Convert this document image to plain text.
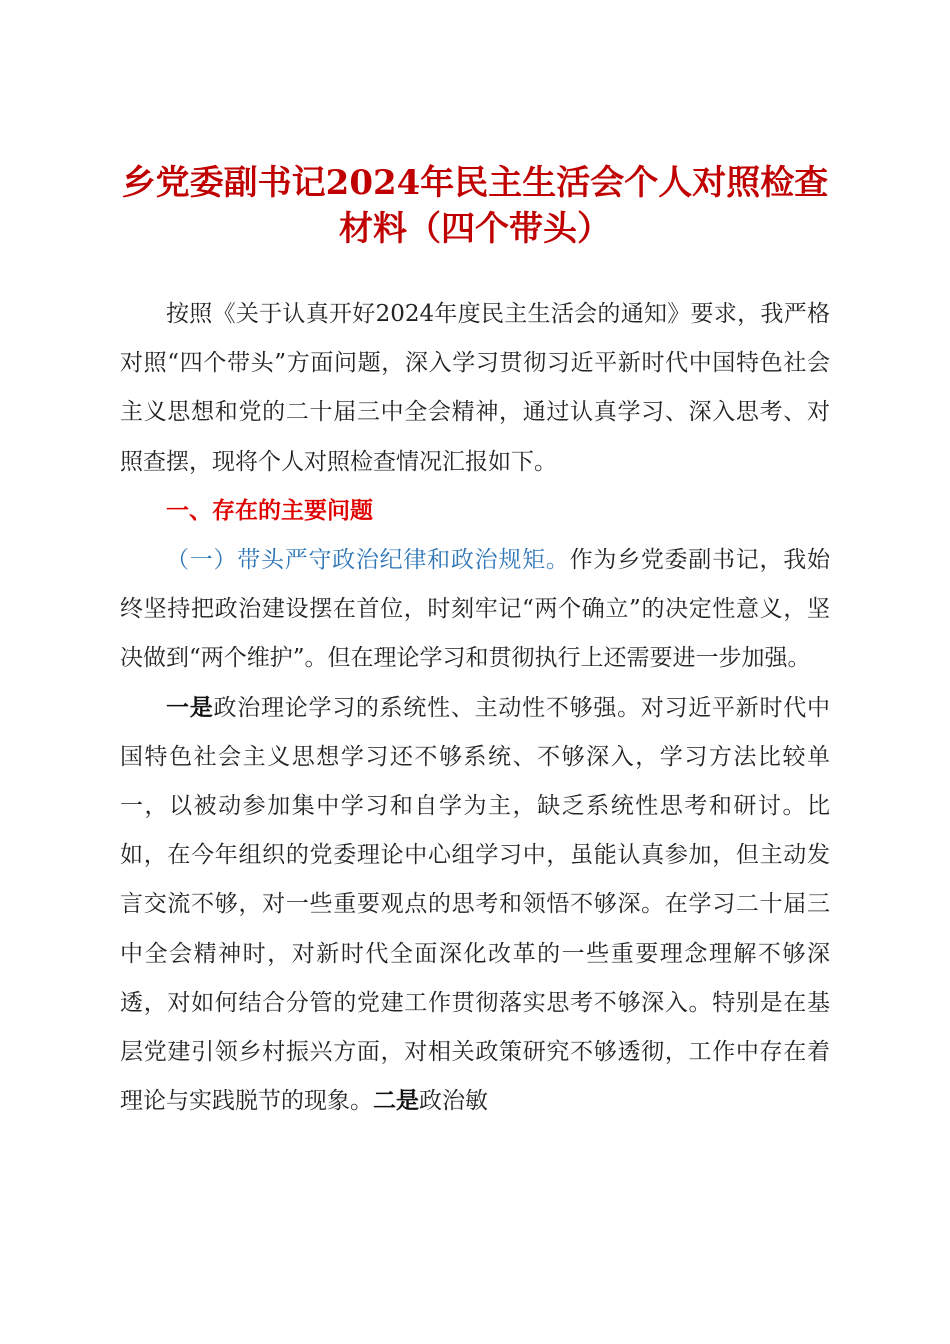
乡党委副书记2024年民主生活会个人对照检查
材料（四个带头）

按照《关于认真开好2024年度民主生活会的通知》要求，我严格对照“四个带头”方面问题，深入学习贯彻习近平新时代中国特色社会主义思想和党的二十届三中全会精神，通过认真学习、深入思考、对照查摆，现将个人对照检查情况汇报如下。

一、存在的主要问题

（一）带头严守政治纪律和政治规矩。作为乡党委副书记，我始终坚持把政治建设摆在首位，时刻牢记“两个确立”的决定性意义，坚决做到“两个维护”。但在理论学习和贯彻执行上还需要进一步加强。

一是政治理论学习的系统性、主动性不够强。对习近平新时代中国特色社会主义思想学习还不够系统、不够深入，学习方法比较单一，以被动参加集中学习和自学为主，缺乏系统性思考和研讨。比如，在今年组织的党委理论中心组学习中，虽能认真参加，但主动发言交流不够，对一些重要观点的思考和领悟不够深。在学习二十届三中全会精神时，对新时代全面深化改革的一些重要理念理解不够深透，对如何结合分管的党建工作贯彻落实思考不够深入。特别是在基层党建引领乡村振兴方面，对相关政策研究不够透彻，工作中存在着理论与实践脱节的现象。二是政治敏
